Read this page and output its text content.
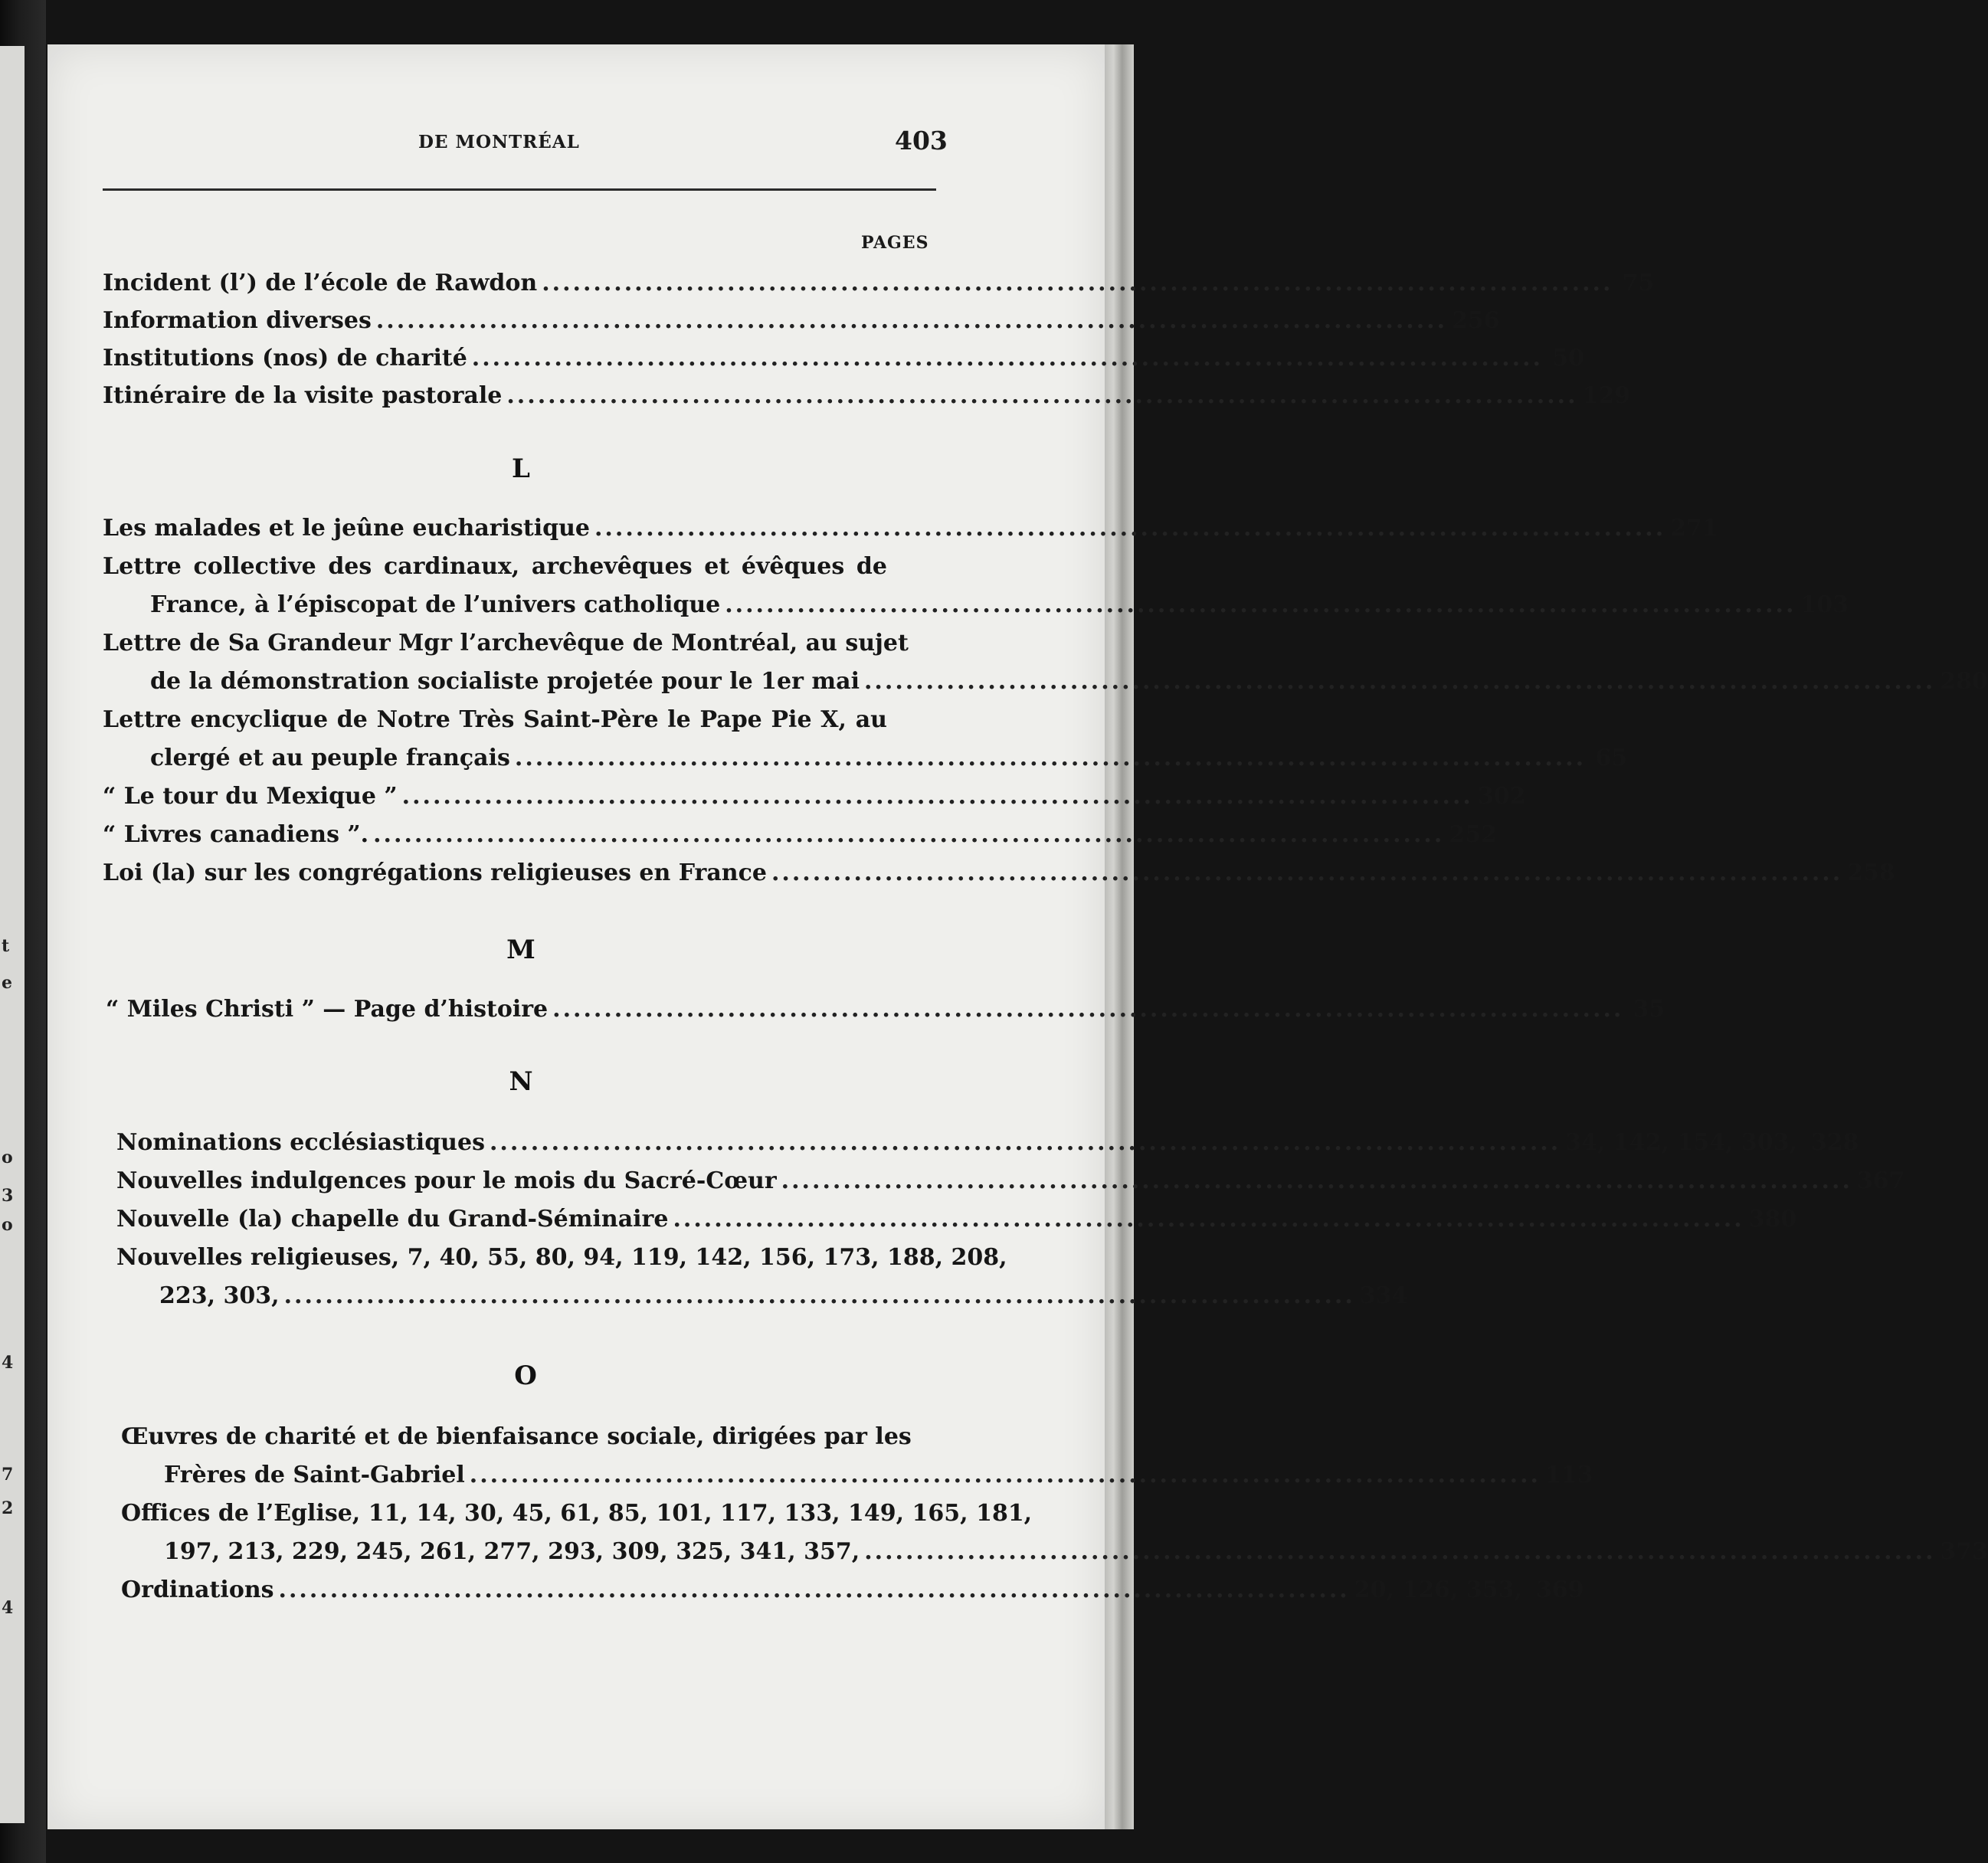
t
e
o
3
o
4
7
2
4
DE MONTRÉAL	403
PAGES
Incident (l’) de l’école de Rawdon ........................................................................................................ 75
Information diverses ........................................................................................................ 256
Institutions (nos) de charité ........................................................................................................ 50
Itinéraire de la visite pastorale ........................................................................................................ 129
L
Les malades et le jeûne eucharistique ........................................................................................................ 271
Lettre collective des cardinaux, archevêques et évêques de
France, à l’épiscopat de l’univers catholique ........................................................................................................ 103
Lettre de Sa Grandeur Mgr l’archevêque de Montréal, au sujet
de la démonstration socialiste projetée pour le 1er mai ........................................................................................................ 280
Lettre encyclique de Notre Très Saint-Père le Pape Pie X, au
clergé et au peuple français ........................................................................................................ 65
“ Le tour du Mexique ” ........................................................................................................ 302
“ Livres canadiens ”. ........................................................................................................ 252
Loi (la) sur les congrégations religieuses en France ........................................................................................................ 258
M
“ Miles Christi ” — Page d’histoire ........................................................................................................ 35
N
Nominations ecclésiastiques ........................................................................................................ 34, 142, 154, 303, 328
Nouvelles indulgences pour le mois du Sacré-Cœur ........................................................................................................ 367
Nouvelle (la) chapelle du Grand-Séminaire ........................................................................................................ 380
Nouvelles religieuses, 7, 40, 55, 80, 94, 119, 142, 156, 173, 188, 208,
223, 303, ........................................................................................................ 334
O
Œuvres de charité et de bienfaisance sociale, dirigées par les
Frères de Saint-Gabriel ........................................................................................................ 113
Offices de l’Eglise, 11, 14, 30, 45, 61, 85, 101, 117, 133, 149, 165, 181,
197, 213, 229, 245, 261, 277, 293, 309, 325, 341, 357, ........................................................................................................ 373
Ordinations ........................................................................................................ 20, 126, 353, 369
